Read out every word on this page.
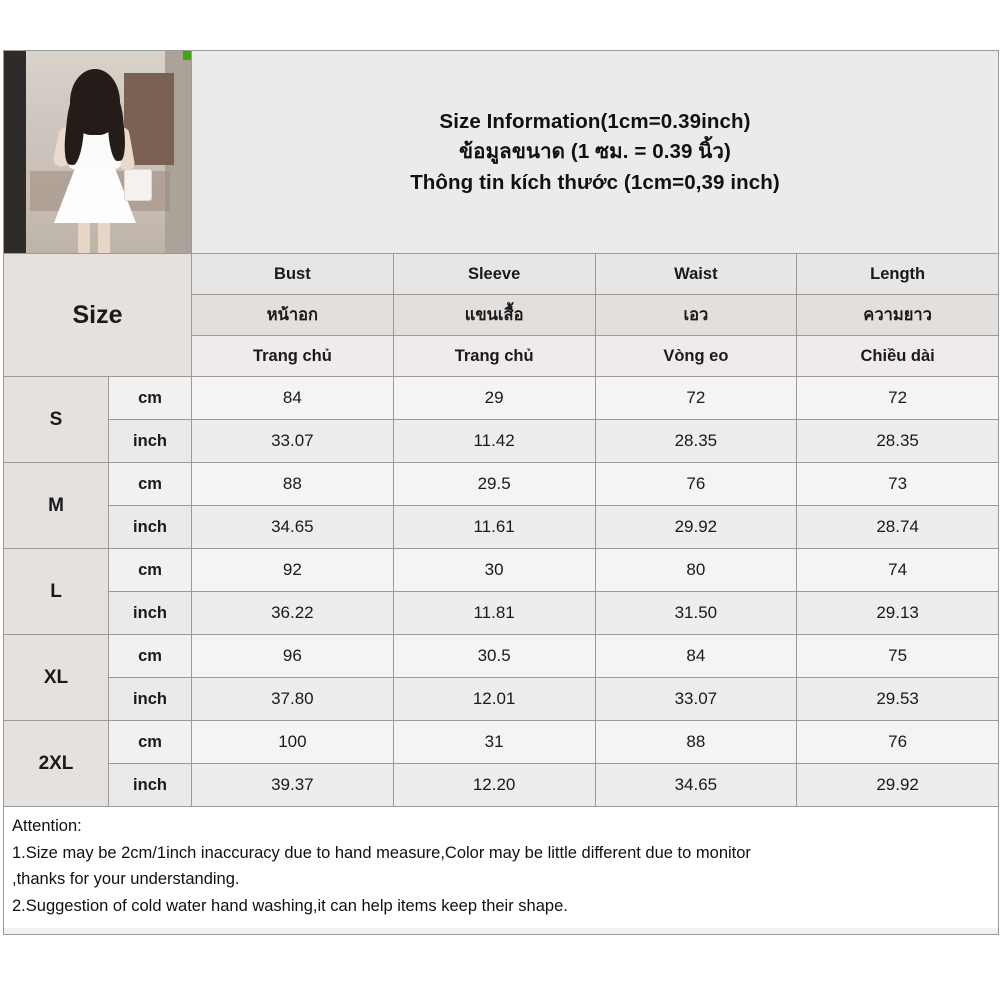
Size Information(1cm=0.39inch)
ข้อมูลขนาด (1 ซม. = 0.39 นิ้ว)
Thông tin kích thước (1cm=0,39 inch)
Size
Bust	Sleeve	Waist	Length
หน้าอก	แขนเสื้อ	เอว	ความยาว
Trang chủ	Trang chủ	Vòng eo	Chiều dài
S
cm	84	29	72	72
inch	33.07	11.42	28.35	28.35
M
cm	88	29.5	76	73
inch	34.65	11.61	29.92	28.74
L
cm	92	30	80	74
inch	36.22	11.81	31.50	29.13
XL
cm	96	30.5	84	75
inch	37.80	12.01	33.07	29.53
2XL
cm	100	31	88	76
inch	39.37	12.20	34.65	29.92
Attention:
1.Size may be 2cm/1inch inaccuracy due to hand measure,Color may be little different due to monitor
,thanks for your understanding.
2.Suggestion of cold water hand washing,it can help items keep their shape.
